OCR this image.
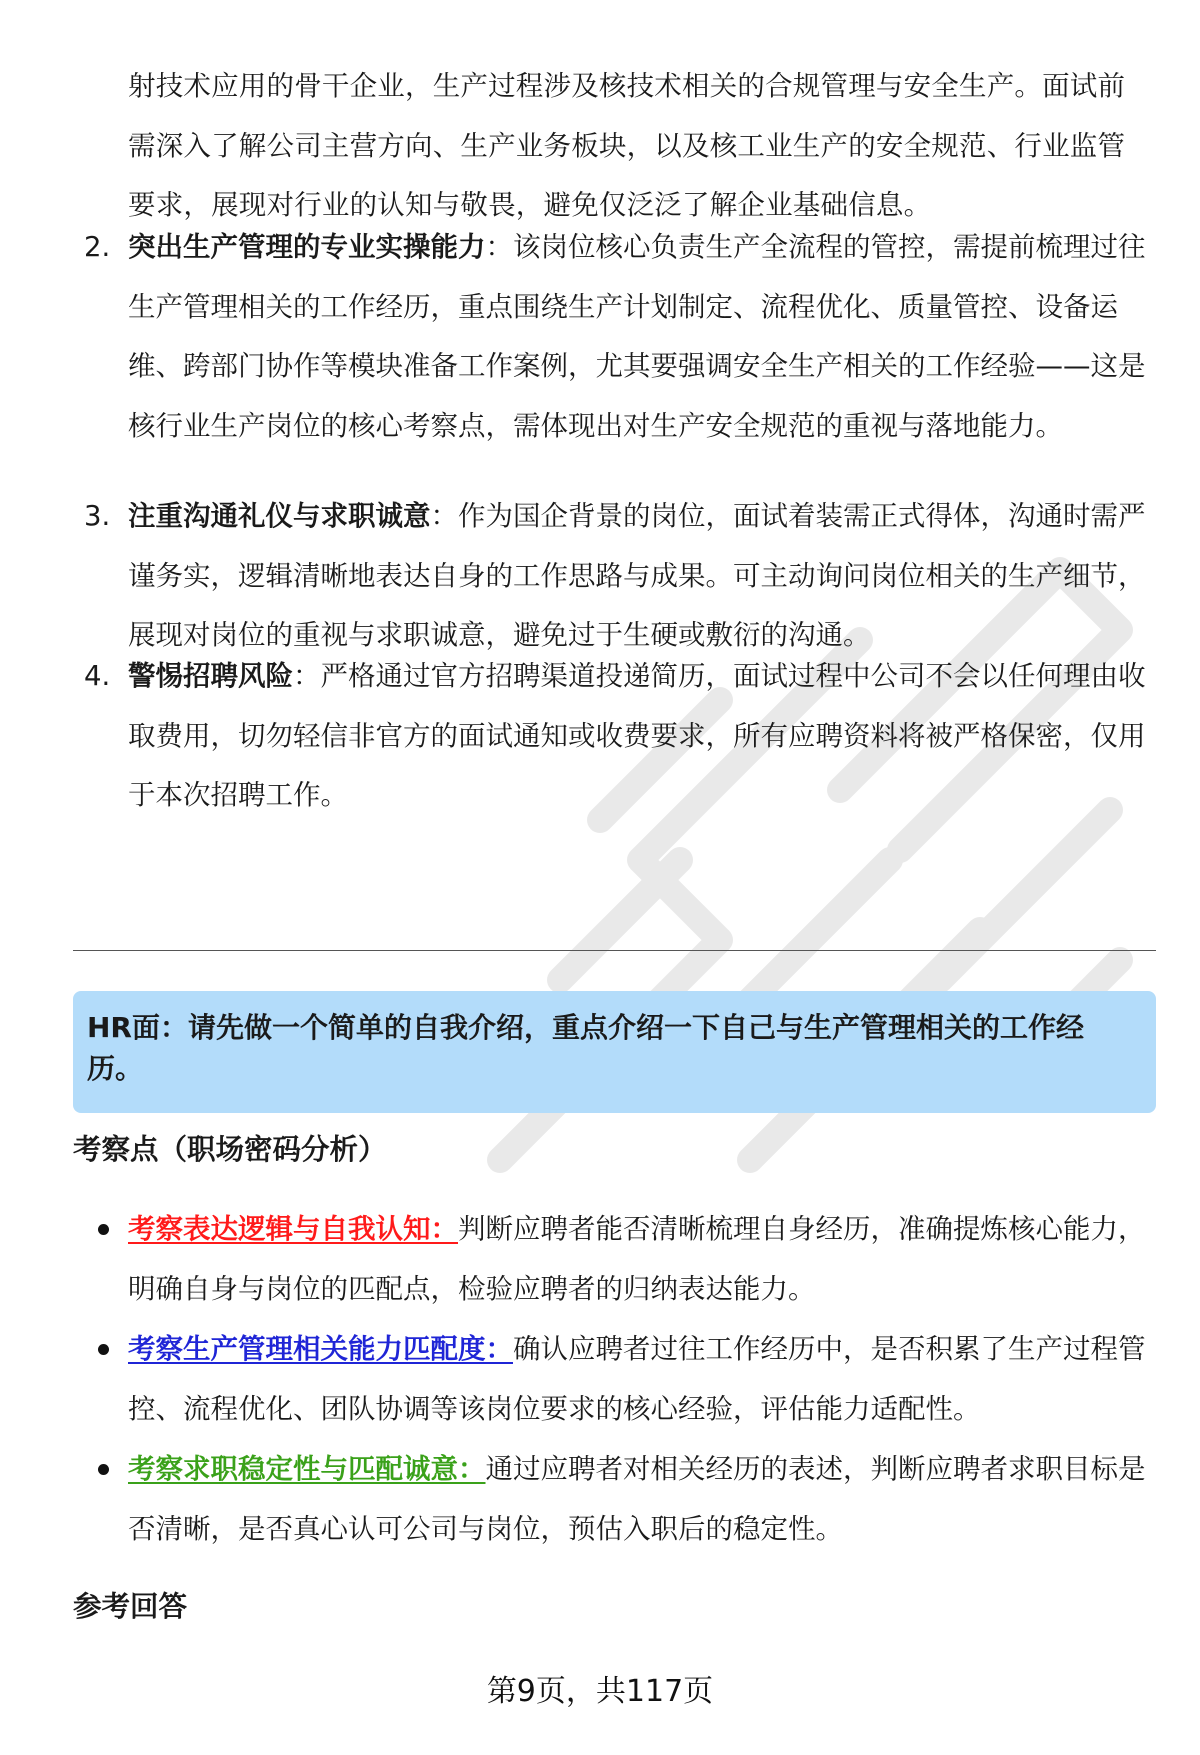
射技术应用的骨干企业，生产过程涉及核技术相关的合规管理与安全生产。面试前需深入了解公司主营方向、生产业务板块，以及核工业生产的安全规范、行业监管要求，展现对行业的认知与敬畏，避免仅泛泛了解企业基础信息。
2. 突出生产管理的专业实操能力：该岗位核心负责生产全流程的管控，需提前梳理过往生产管理相关的工作经历，重点围绕生产计划制定、流程优化、质量管控、设备运维、跨部门协作等模块准备工作案例，尤其要强调安全生产相关的工作经验——这是核行业生产岗位的核心考察点，需体现出对生产安全规范的重视与落地能力。
3. 注重沟通礼仪与求职诚意：作为国企背景的岗位，面试着装需正式得体，沟通时需严谨务实，逻辑清晰地表达自身的工作思路与成果。可主动询问岗位相关的生产细节，展现对岗位的重视与求职诚意，避免过于生硬或敷衍的沟通。
4. 警惕招聘风险：严格通过官方招聘渠道投递简历，面试过程中公司不会以任何理由收取费用，切勿轻信非官方的面试通知或收费要求，所有应聘资料将被严格保密，仅用于本次招聘工作。
HR面：请先做一个简单的自我介绍，重点介绍一下自己与生产管理相关的工作经历。
考察点（职场密码分析）
考察表达逻辑与自我认知：判断应聘者能否清晰梳理自身经历，准确提炼核心能力，明确自身与岗位的匹配点，检验应聘者的归纳表达能力。
考察生产管理相关能力匹配度：确认应聘者过往工作经历中，是否积累了生产过程管控、流程优化、团队协调等该岗位要求的核心经验，评估能力适配性。
考察求职稳定性与匹配诚意：通过应聘者对相关经历的表述，判断应聘者求职目标是否清晰，是否真心认可公司与岗位，预估入职后的稳定性。
参考回答
第9页，共117页
